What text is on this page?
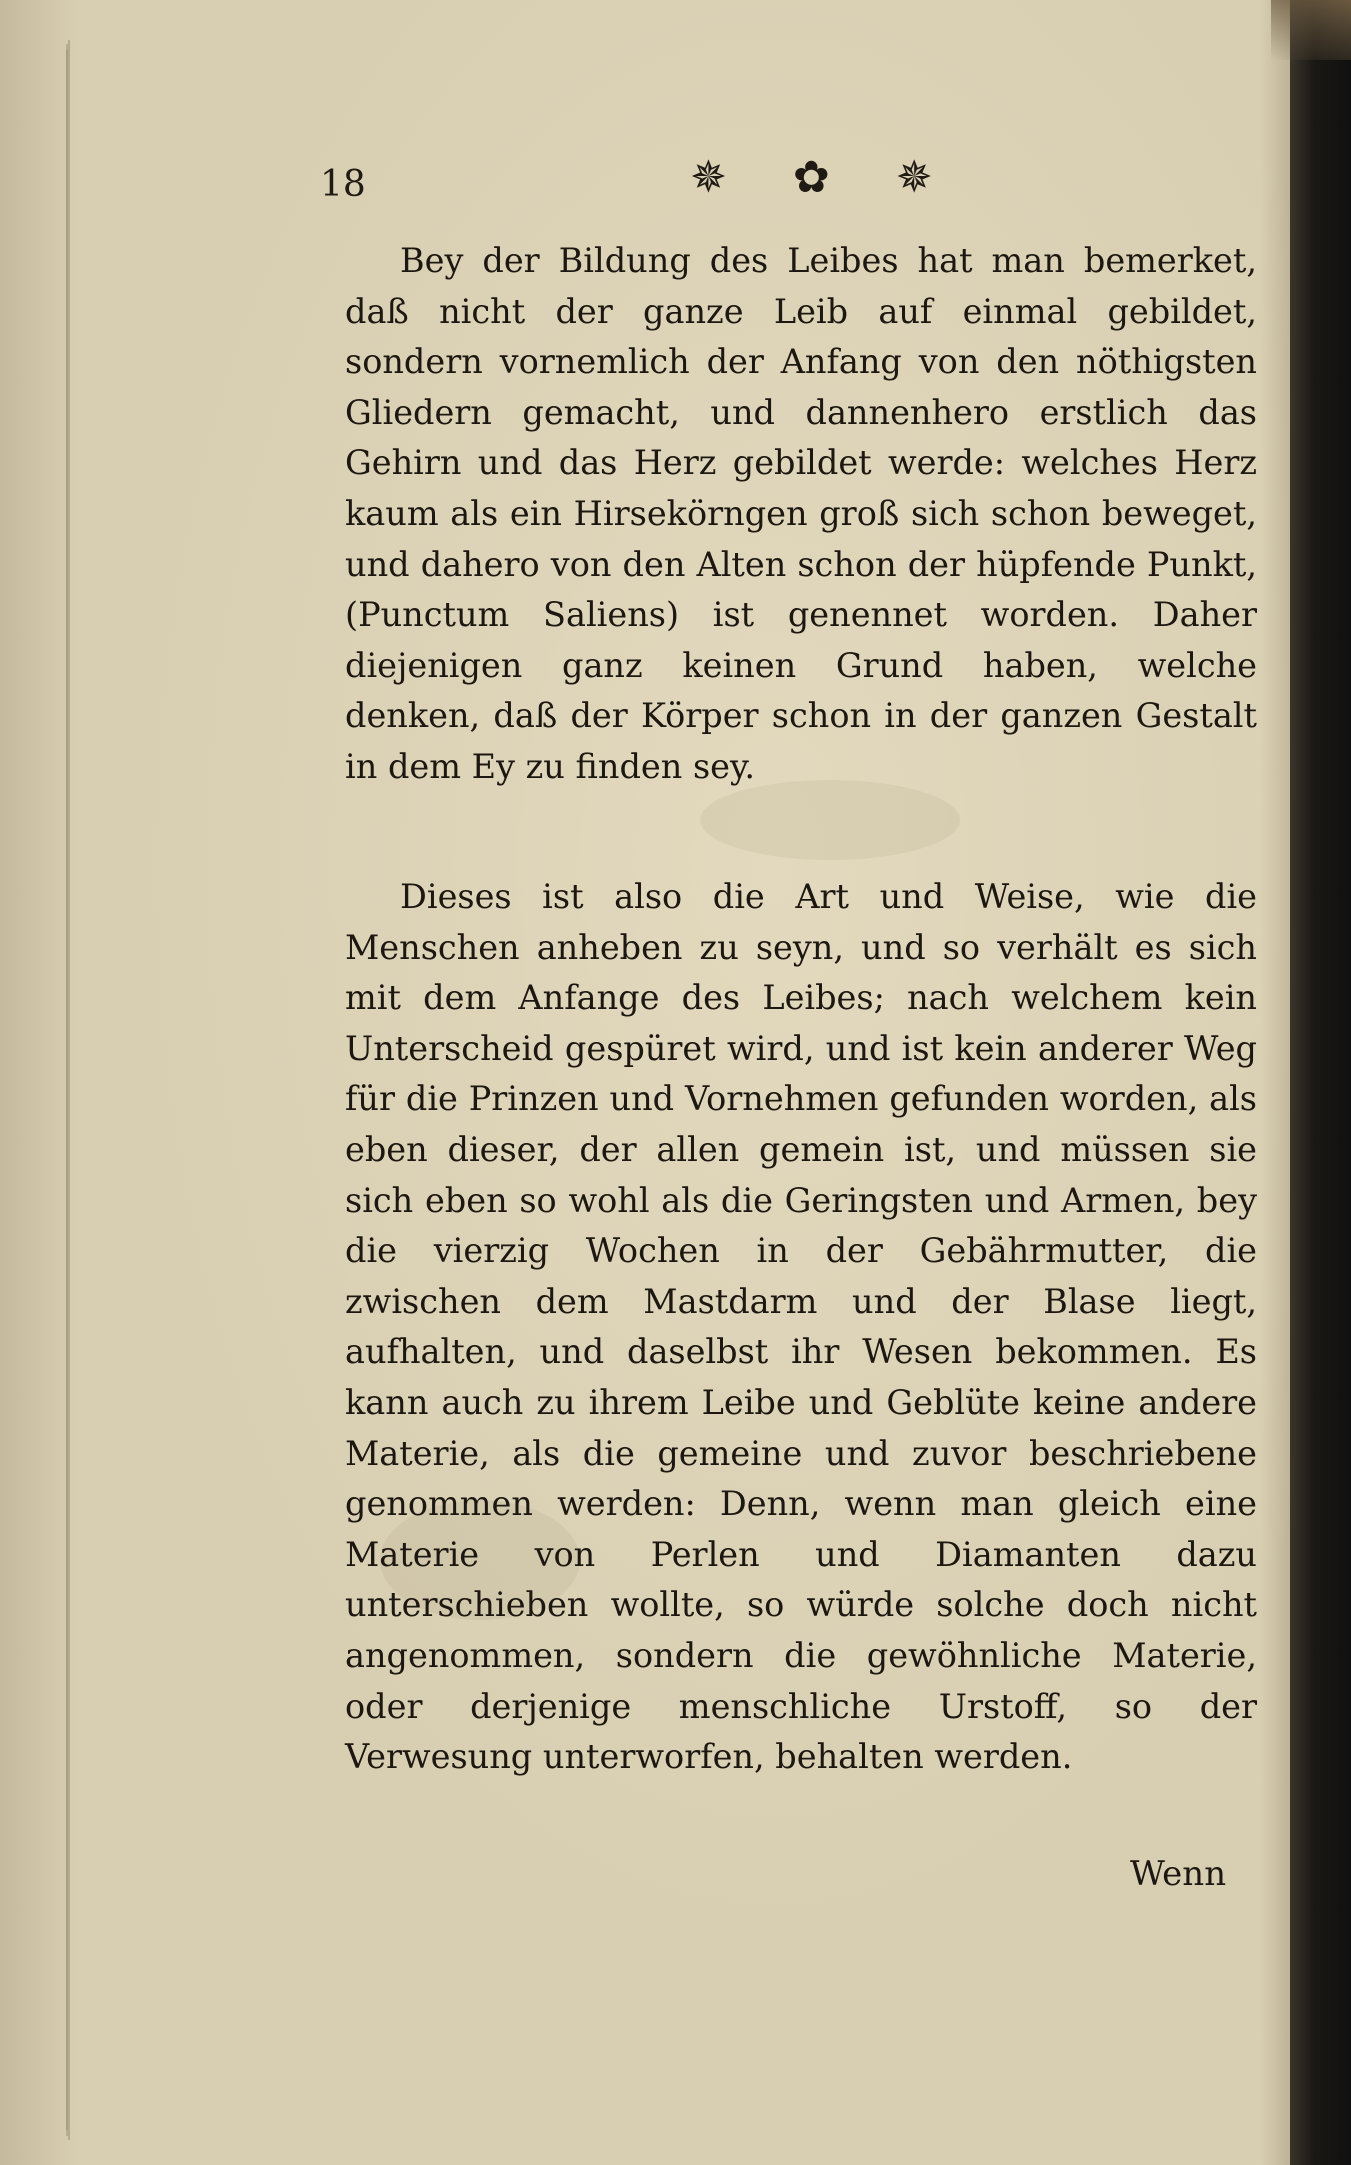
18	✵ ✿ ✵
Bey der Bildung des Leibes hat man bemerket, daß nicht der ganze Leib auf einmal gebildet, sondern vornemlich der Anfang von den nöthigsten Gliedern gemacht, und dannenhero erstlich das Gehirn und das Herz gebildet werde: welches Herz kaum als ein Hirsekörngen groß sich schon beweget, und dahero von den Alten schon der hüpfende Punkt, (Punctum Saliens) ist genennet worden. Daher diejenigen ganz keinen Grund haben, welche denken, daß der Körper schon in der ganzen Gestalt in dem Ey zu finden sey.
Dieses ist also die Art und Weise, wie die Menschen anheben zu seyn, und so verhält es sich mit dem Anfange des Leibes; nach welchem kein Unterscheid gespüret wird, und ist kein anderer Weg für die Prinzen und Vornehmen gefunden worden, als eben dieser, der allen gemein ist, und müssen sie sich eben so wohl als die Geringsten und Armen, bey die vierzig Wochen in der Gebährmutter, die zwischen dem Mastdarm und der Blase liegt, aufhalten, und daselbst ihr Wesen bekommen. Es kann auch zu ihrem Leibe und Geblüte keine andere Materie, als die gemeine und zuvor beschriebene genommen werden: Denn, wenn man gleich eine Materie von Perlen und Diamanten dazu unterschieben wollte, so würde solche doch nicht angenommen, sondern die gewöhnliche Materie, oder derjenige menschliche Urstoff, so der Verwesung unterworfen, behalten werden.
Wenn
